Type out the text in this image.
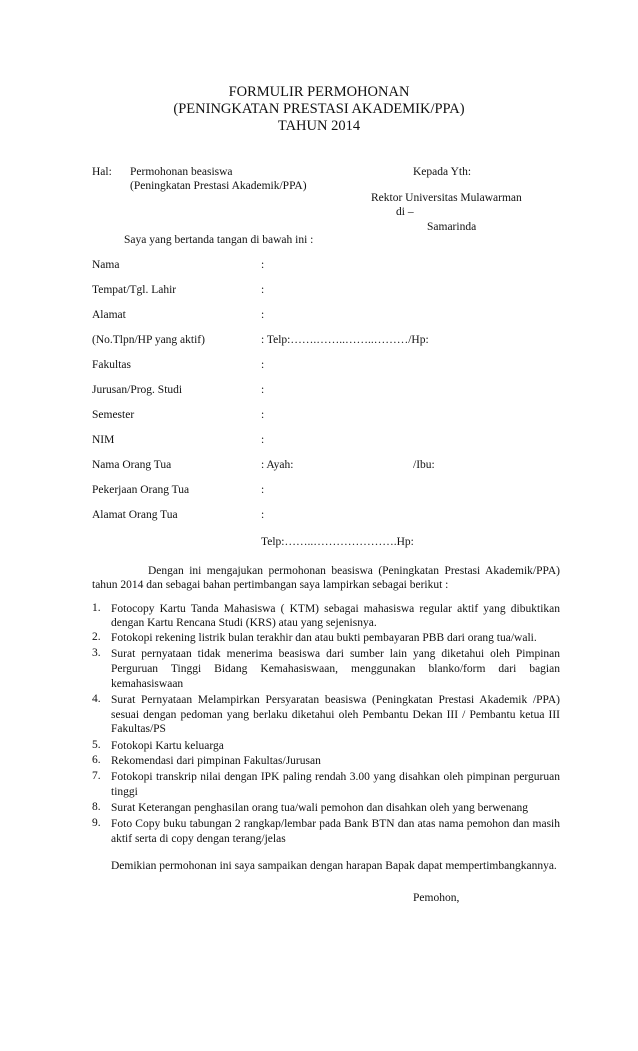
FORMULIR PERMOHONAN
(PENINGKATAN PRESTASI AKADEMIK/PPA)
TAHUN 2014
Hal: Permohonan beasiswa
(Peningkatan Prestasi Akademik/PPA)
Kepada Yth:
Rektor Universitas Mulawarman
di –
Samarinda
Saya yang bertanda tangan di bawah ini :
Nama	:
Tempat/Tgl. Lahir	:
Alamat	:
(No.Tlpn/HP yang aktif)	: Telp:…….……..……..………/Hp:
Fakultas	:
Jurusan/Prog. Studi	:
Semester	:
NIM	:
Nama Orang Tua	: Ayah:	/Ibu:
Pekerjaan Orang Tua	:
Alamat Orang Tua	:
Telp:……..………………….Hp:
Dengan ini mengajukan permohonan beasiswa (Peningkatan Prestasi Akademik/PPA)
tahun 2014 dan sebagai bahan pertimbangan saya lampirkan sebagai berikut :
1. Fotocopy Kartu Tanda Mahasiswa ( KTM) sebagai mahasiswa regular aktif yang dibuktikan
dengan Kartu Rencana Studi (KRS) atau yang sejenisnya.
2. Fotokopi rekening listrik bulan terakhir dan atau bukti pembayaran PBB dari orang tua/wali.
3. Surat pernyataan tidak menerima beasiswa dari sumber lain yang diketahui oleh Pimpinan
Perguruan Tinggi Bidang Kemahasiswaan, menggunakan blanko/form dari bagian
kemahasiswaan
4. Surat Pernyataan Melampirkan Persyaratan beasiswa (Peningkatan Prestasi Akademik /PPA)
sesuai dengan pedoman yang berlaku diketahui oleh Pembantu Dekan III / Pembantu ketua III
Fakultas/PS
5. Fotokopi Kartu keluarga
6. Rekomendasi dari pimpinan Fakultas/Jurusan
7. Fotokopi transkrip nilai dengan IPK paling rendah 3.00 yang disahkan oleh pimpinan perguruan
tinggi
8. Surat Keterangan penghasilan orang tua/wali pemohon dan disahkan oleh yang berwenang
9. Foto Copy buku tabungan 2 rangkap/lembar pada Bank BTN dan atas nama pemohon dan masih
aktif serta di copy dengan terang/jelas
Demikian permohonan ini saya sampaikan dengan harapan Bapak dapat mempertimbangkannya.
Pemohon,
